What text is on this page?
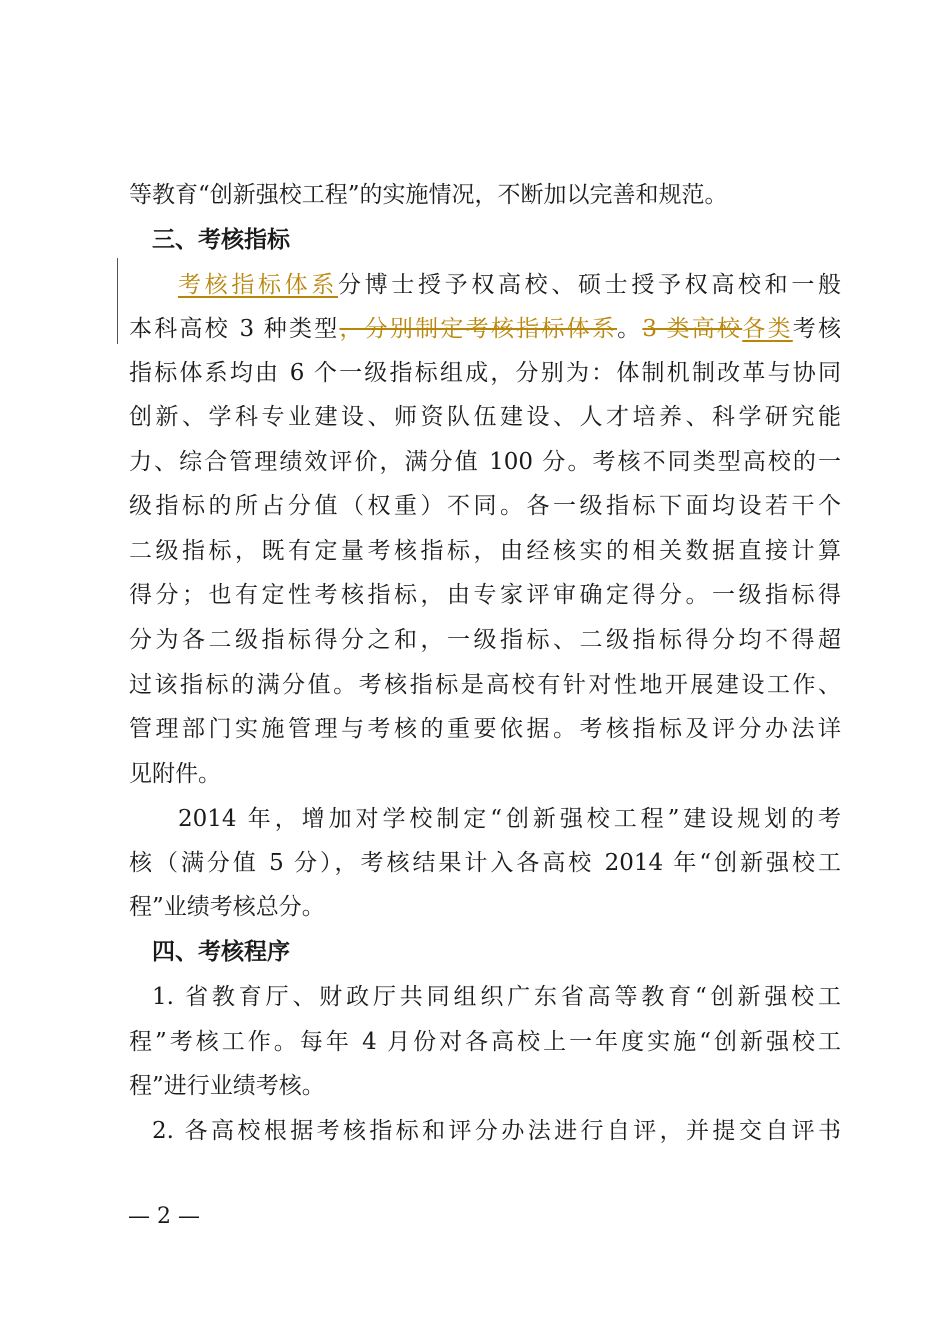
等教育“创新强校工程”的实施情况，不断加以完善和规范。
三、考核指标
考核指标体系分博士授予权高校、硕士授予权高校和一般
本科高校 3 种类型，分别制定考核指标体系。3 类高校各类考核
指标体系均由 6 个一级指标组成，分别为：体制机制改革与协同
创新、学科专业建设、师资队伍建设、人才培养、科学研究能
力、综合管理绩效评价，满分值 100 分。考核不同类型高校的一
级指标的所占分值（权重）不同。各一级指标下面均设若干个
二级指标，既有定量考核指标，由经核实的相关数据直接计算
得分；也有定性考核指标，由专家评审确定得分。一级指标得
分为各二级指标得分之和，一级指标、二级指标得分均不得超
过该指标的满分值。考核指标是高校有针对性地开展建设工作、
管理部门实施管理与考核的重要依据。考核指标及评分办法详
见附件。
2014 年，增加对学校制定“创新强校工程”建设规划的考
核（满分值 5 分），考核结果计入各高校 2014 年“创新强校工
程”业绩考核总分。
四、考核程序
1. 省教育厅、财政厅共同组织广东省高等教育“创新强校工
程”考核工作。每年 4 月份对各高校上一年度实施“创新强校工
程”进行业绩考核。
2. 各高校根据考核指标和评分办法进行自评，并提交自评书
— 2 —
